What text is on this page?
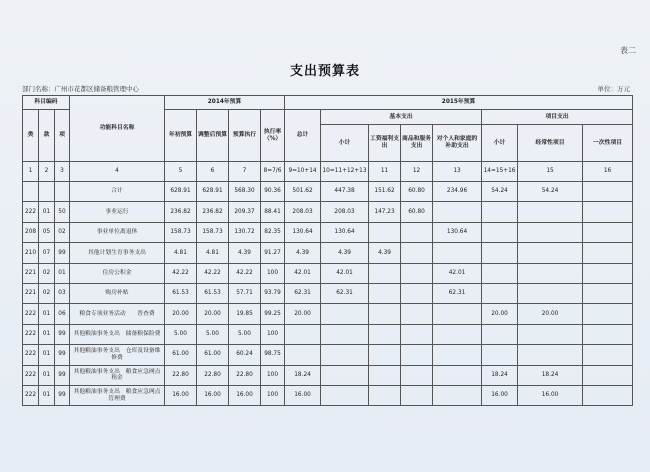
表二
支出预算表
部门名称：广州市花都区储备粮管理中心	单位：万元
科目编码			功能科目名称	2014年预算				2015年预算							
类	款	项		年初预算	调整后预算	预算执行	执行率（%）	总计	基本支出				项目支出		
									小计	工资福利支出	商品和服务支出	对个人和家庭的补助支出	小计	经常性项目	一次性项目
1	2	3	4	5	6	7	8=7/6	9=10+14	10=11+12+13	11	12	13	14=15+16	15	16
			合计	628.91	628.91	568.30	90.36	501.62	447.38	151.62	60.80	234.96	54.24	54.24	
222	01	50	事业运行	236.82	236.82	209.37	88.41	208.03	208.03	147.23	60.80				
208	05	02	事业单位离退休	158.73	158.73	130.72	82.35	130.64	130.64			130.64			
210	07	99	其他计划生育事务支出	4.81	4.81	4.39	91.27	4.39	4.39	4.39					
221	02	01	住房公积金	42.22	42.22	42.22	100	42.01	42.01			42.01			
221	02	03	购房补贴	61.53	61.53	57.71	93.79	62.31	62.31			62.31			
222	01	06	粮食专项业务活动　　普查费	20.00	20.00	19.85	99.25	20.00					20.00	20.00	
222	01	99	其他粮油事务支出　储备粮保险费	5.00	5.00	5.00	100								
222	01	99	其他粮油事务支出　仓库及设备维修费	61.00	61.00	60.24	98.75								
222	01	99	其他粮油事务支出　粮食应急网点租金	22.80	22.80	22.80	100	18.24					18.24	18.24	
222	01	99	其他粮油事务支出　粮食应急网点管理费	16.00	16.00	16.00	100	16.00					16.00	16.00	
